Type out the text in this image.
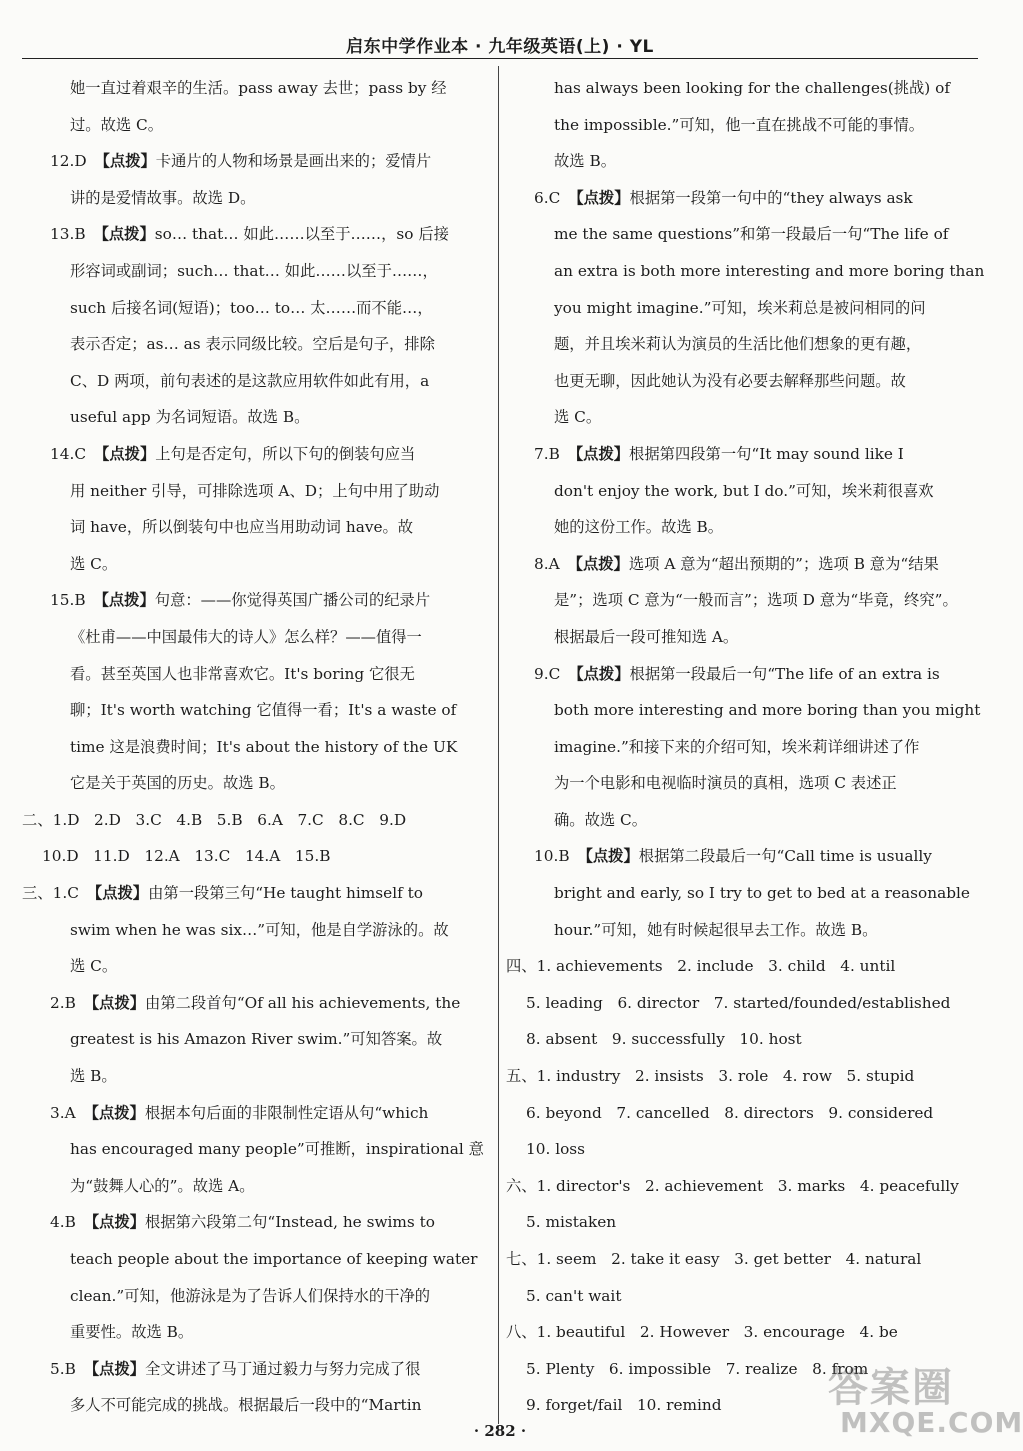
启东中学作业本 · 九年级英语(上) · YL
她一直过着艰辛的生活。pass away 去世；pass by 经
过。故选 C。
12.D 【点拨】卡通片的人物和场景是画出来的；爱情片
讲的是爱情故事。故选 D。
13.B 【点拨】so… that… 如此……以至于……，so 后接
形容词或副词；such… that… 如此……以至于……，
such 后接名词(短语)；too… to… 太……而不能…，
表示否定；as… as 表示同级比较。空后是句子，排除
C、D 两项，前句表述的是这款应用软件如此有用，a
useful app 为名词短语。故选 B。
14.C 【点拨】上句是否定句，所以下句的倒装句应当
用 neither 引导，可排除选项 A、D；上句中用了助动
词 have，所以倒装句中也应当用助动词 have。故
选 C。
15.B 【点拨】句意：——你觉得英国广播公司的纪录片
《杜甫——中国最伟大的诗人》怎么样？——值得一
看。甚至英国人也非常喜欢它。It's boring 它很无
聊；It's worth watching 它值得一看；It's a waste of
time 这是浪费时间；It's about the history of the UK
它是关于英国的历史。故选 B。
二、1.D   2.D   3.C   4.B   5.B   6.A   7.C   8.C   9.D
10.D   11.D   12.A   13.C   14.A   15.B
三、1.C 【点拨】由第一段第三句“He taught himself to
swim when he was six…”可知，他是自学游泳的。故
选 C。
2.B 【点拨】由第二段首句“Of all his achievements, the
greatest is his Amazon River swim.”可知答案。故
选 B。
3.A 【点拨】根据本句后面的非限制性定语从句“which
has encouraged many people”可推断，inspirational 意
为“鼓舞人心的”。故选 A。
4.B 【点拨】根据第六段第二句“Instead, he swims to
teach people about the importance of keeping water
clean.”可知，他游泳是为了告诉人们保持水的干净的
重要性。故选 B。
5.B 【点拨】全文讲述了马丁通过毅力与努力完成了很
多人不可能完成的挑战。根据最后一段中的“Martin
has always been looking for the challenges(挑战) of
the impossible.”可知，他一直在挑战不可能的事情。
故选 B。
6.C 【点拨】根据第一段第一句中的“they always ask
me the same questions”和第一段最后一句“The life of
an extra is both more interesting and more boring than
you might imagine.”可知，埃米莉总是被问相同的问
题，并且埃米莉认为演员的生活比他们想象的更有趣，
也更无聊，因此她认为没有必要去解释那些问题。故
选 C。
7.B 【点拨】根据第四段第一句“It may sound like I
don't enjoy the work, but I do.”可知，埃米莉很喜欢
她的这份工作。故选 B。
8.A 【点拨】选项 A 意为“超出预期的”；选项 B 意为“结果
是”；选项 C 意为“一般而言”；选项 D 意为“毕竟，终究”。
根据最后一段可推知选 A。
9.C 【点拨】根据第一段最后一句“The life of an extra is
both more interesting and more boring than you might
imagine.”和接下来的介绍可知，埃米莉详细讲述了作
为一个电影和电视临时演员的真相，选项 C 表述正
确。故选 C。
10.B 【点拨】根据第二段最后一句“Call time is usually
bright and early, so I try to get to bed at a reasonable
hour.”可知，她有时候起很早去工作。故选 B。
四、1. achievements   2. include   3. child   4. until
5. leading   6. director   7. started/founded/established
8. absent   9. successfully   10. host
五、1. industry   2. insists   3. role   4. row   5. stupid
6. beyond   7. cancelled   8. directors   9. considered
10. loss
六、1. director's   2. achievement   3. marks   4. peacefully
5. mistaken
七、1. seem   2. take it easy   3. get better   4. natural
5. can't wait
八、1. beautiful   2. However   3. encourage   4. be
5. Plenty   6. impossible   7. realize   8. from
9. forget/fail   10. remind
· 282 ·
答案圈
MXQE.COM
